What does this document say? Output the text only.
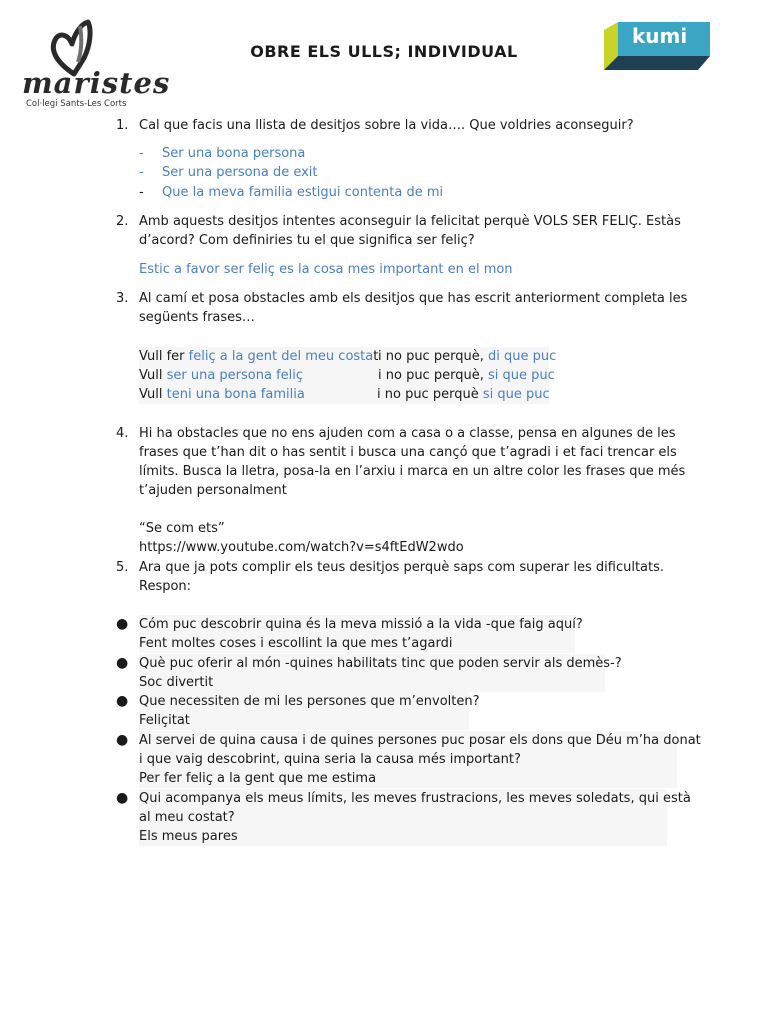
maristes
Col·legi Sants-Les Corts
OBRE ELS ULLS; INDIVIDUAL
kumi
1. Cal que facis una llista de desitjos sobre la vida…. Que voldries aconseguir?
- Ser una bona persona
- Ser una persona de exit
- Que la meva familia estigui contenta de mi
2. Amb aquests desitjos intentes aconseguir la felicitat perquè VOLS SER FELIÇ. Estàs
d’acord? Com definiries tu el que significa ser feliç?
Estic a favor ser feliç es la cosa mes important en el mon
3. Al camí et posa obstacles amb els desitjos que has escrit anteriorment completa les
següents frases…
Vull fer feliç a la gent del meu costat i no puc perquè, di que puc
Vull ser una persona feliç	i no puc perquè, si que puc
Vull teni una bona familia	i no puc perquè si que puc
4. Hi ha obstacles que no ens ajuden com a casa o a classe, pensa en algunes de les
frases que t’han dit o has sentit i busca una cançó que t’agradi i et faci trencar els
límits. Busca la lletra, posa-la en l’arxiu i marca en un altre color les frases que més
t’ajuden personalment
“Se com ets”
https://www.youtube.com/watch?v=s4ftEdW2wdo
5. Ara que ja pots complir els teus desitjos perquè saps com superar les dificultats.
Respon:
● Cóm puc descobrir quina és la meva missió a la vida -que faig aquí?
Fent moltes coses i escollint la que mes t’agardi
● Què puc oferir al món -quines habilitats tinc que poden servir als demès-?
Soc divertit
● Que necessiten de mi les persones que m’envolten?
Feliçitat
● Al servei de quina causa i de quines persones puc posar els dons que Déu m’ha donat
i que vaig descobrint, quina seria la causa més important?
Per fer feliç a la gent que me estima
● Qui acompanya els meus límits, les meves frustracions, les meves soledats, qui està
al meu costat?
Els meus pares
